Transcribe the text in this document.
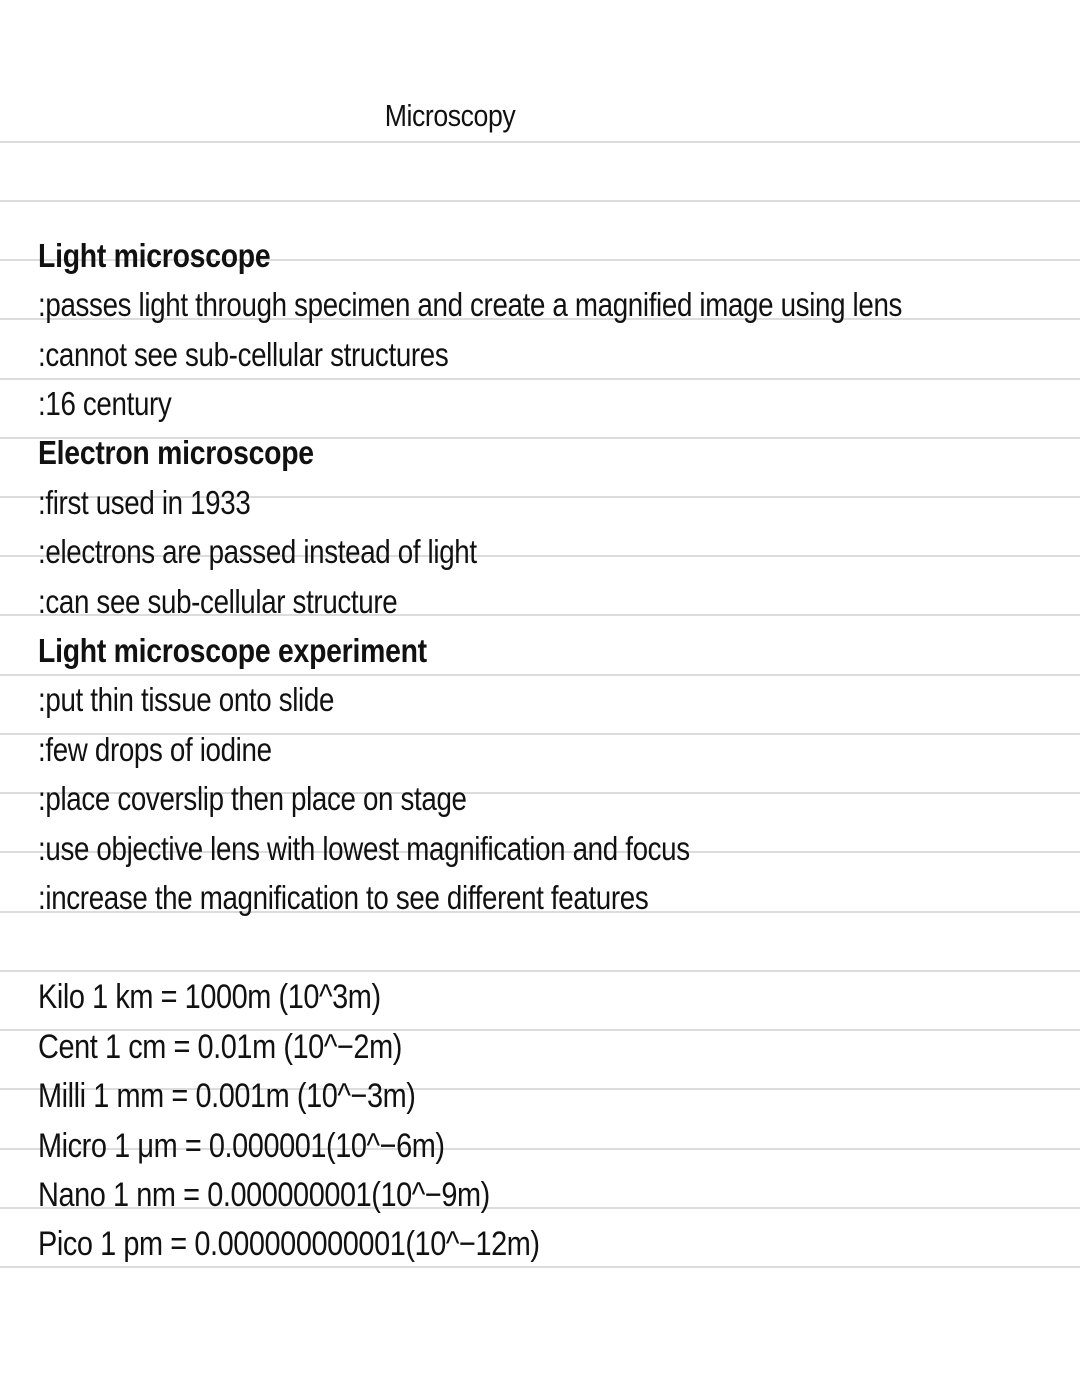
Microscopy
Light microscope
:passes light through specimen and create a magnified image using lens
:cannot see sub-cellular structures
:16 century
Electron microscope
:first used in 1933
:electrons are passed instead of light
:can see sub-cellular structure
Light microscope experiment
:put thin tissue onto slide
:few drops of iodine
:place coverslip then place on stage
:use objective lens with lowest magnification and focus
:increase the magnification to see different features
Kilo 1 km = 1000m (10^3m)
Cent 1 cm = 0.01m (10^−2m)
Milli 1 mm = 0.001m (10^−3m)
Micro 1 μm = 0.000001(10^−6m)
Nano 1 nm = 0.000000001(10^−9m)
Pico 1 pm = 0.000000000001(10^−12m)
